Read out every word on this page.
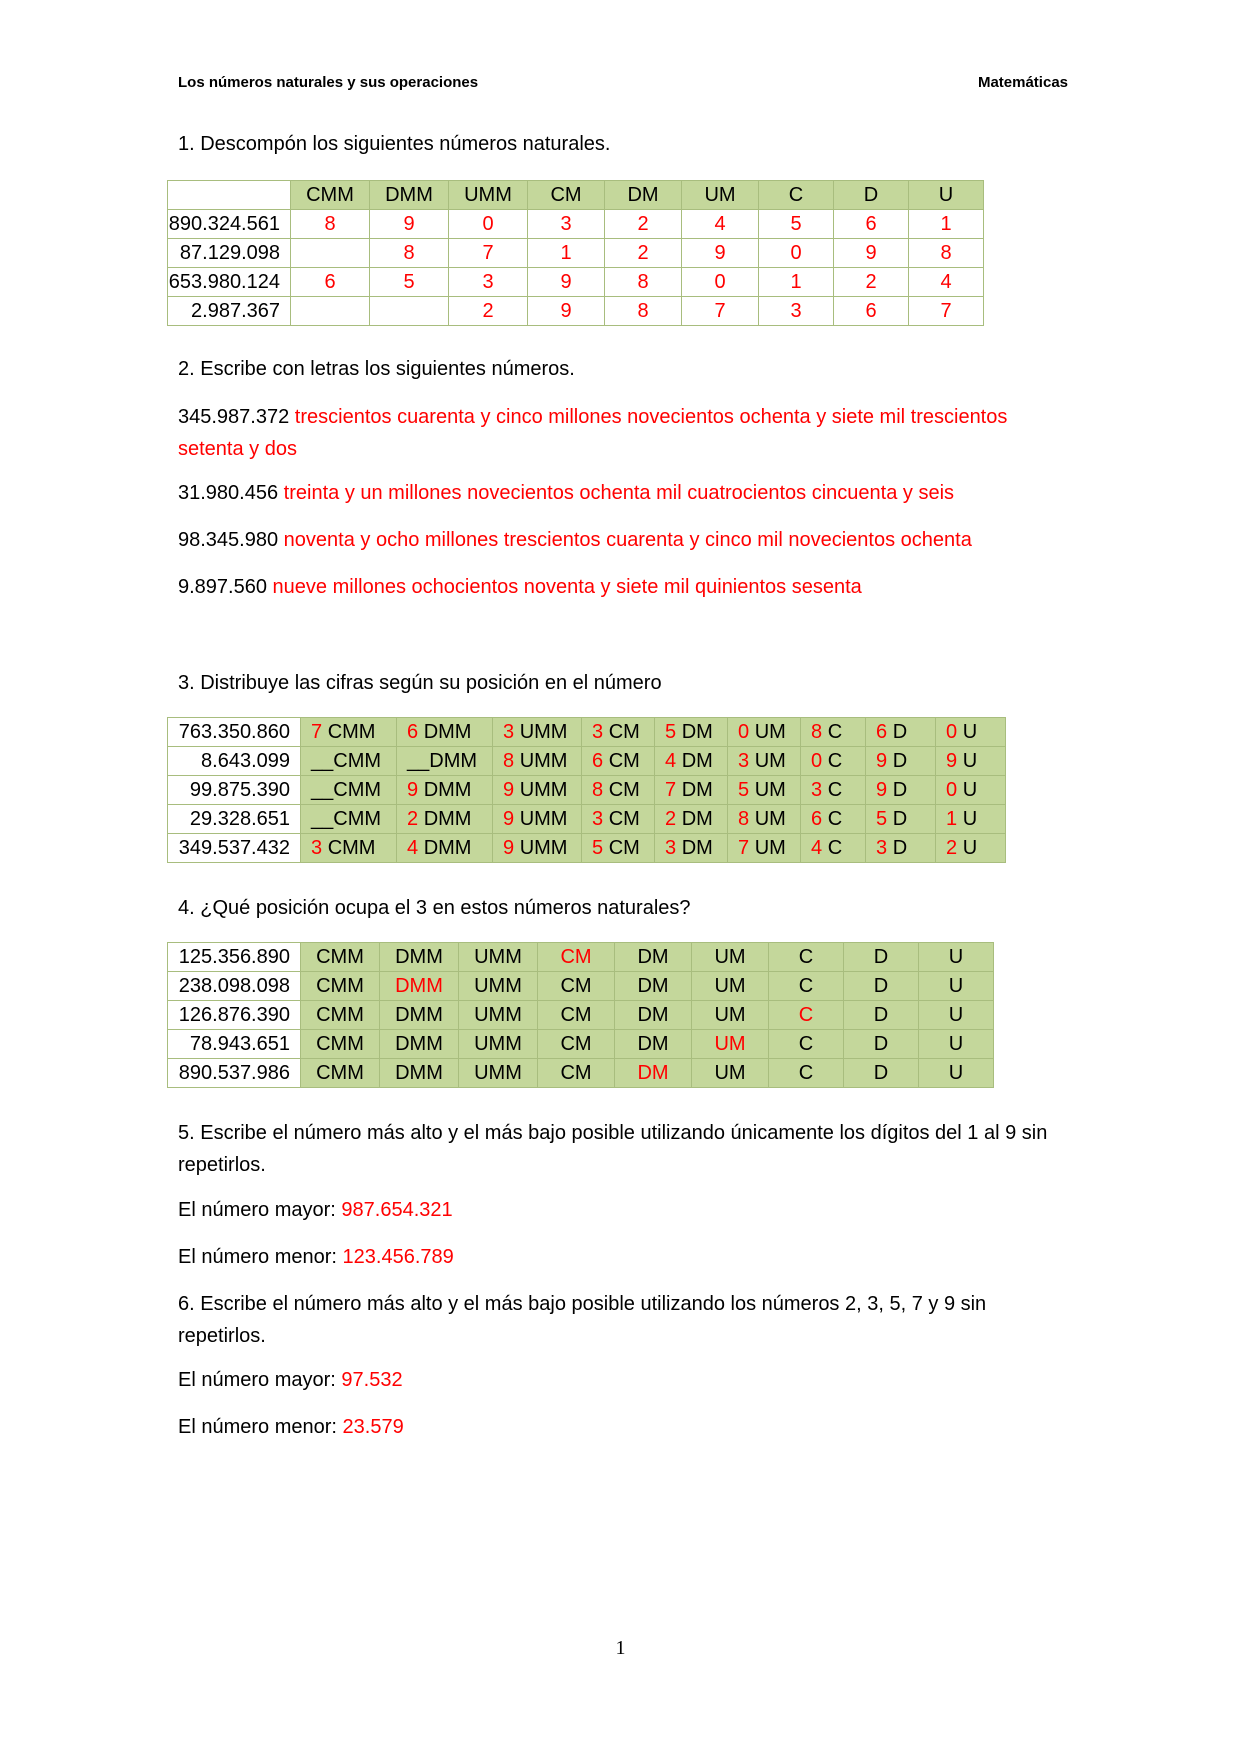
Los números naturales y sus operaciones	Matemáticas
1. Descompón los siguientes números naturales.
	CMM	DMM	UMM	CM	DM	UM	C	D	U
890.324.561	8	9	0	3	2	4	5	6	1
87.129.098		8	7	1	2	9	0	9	8
653.980.124	6	5	3	9	8	0	1	2	4
2.987.367			2	9	8	7	3	6	7
2. Escribe con letras los siguientes números.

345.987.372 trescientos cuarenta y cinco millones novecientos ochenta y siete mil trescientos setenta y dos

31.980.456 treinta y un millones novecientos ochenta mil cuatrocientos cincuenta y seis

98.345.980 noventa y ocho millones trescientos cuarenta y cinco mil novecientos ochenta

9.897.560 nueve millones ochocientos noventa y siete mil quinientos sesenta

3. Distribuye las cifras según su posición en el número
763.350.860	7 CMM	6 DMM	3 UMM	3 CM	5 DM	0 UM	8 C	6 D	0 U
8.643.099	__CMM	__DMM	8 UMM	6 CM	4 DM	3 UM	0 C	9 D	9 U
99.875.390	__CMM	9 DMM	9 UMM	8 CM	7 DM	5 UM	3 C	9 D	0 U
29.328.651	__CMM	2 DMM	9 UMM	3 CM	2 DM	8 UM	6 C	5 D	1 U
349.537.432	3 CMM	4 DMM	9 UMM	5 CM	3 DM	7 UM	4 C	3 D	2 U
4. ¿Qué posición ocupa el 3 en estos números naturales?
125.356.890	CMM	DMM	UMM	CM	DM	UM	C	D	U
238.098.098	CMM	DMM	UMM	CM	DM	UM	C	D	U
126.876.390	CMM	DMM	UMM	CM	DM	UM	C	D	U
78.943.651	CMM	DMM	UMM	CM	DM	UM	C	D	U
890.537.986	CMM	DMM	UMM	CM	DM	UM	C	D	U

5. Escribe el número más alto y el más bajo posible utilizando únicamente los dígitos del 1 al 9 sin repetirlos.

El número mayor: 987.654.321

El número menor: 123.456.789

6. Escribe el número más alto y el más bajo posible utilizando los números 2, 3, 5, 7 y 9 sin repetirlos.

El número mayor: 97.532

El número menor: 23.579

1
